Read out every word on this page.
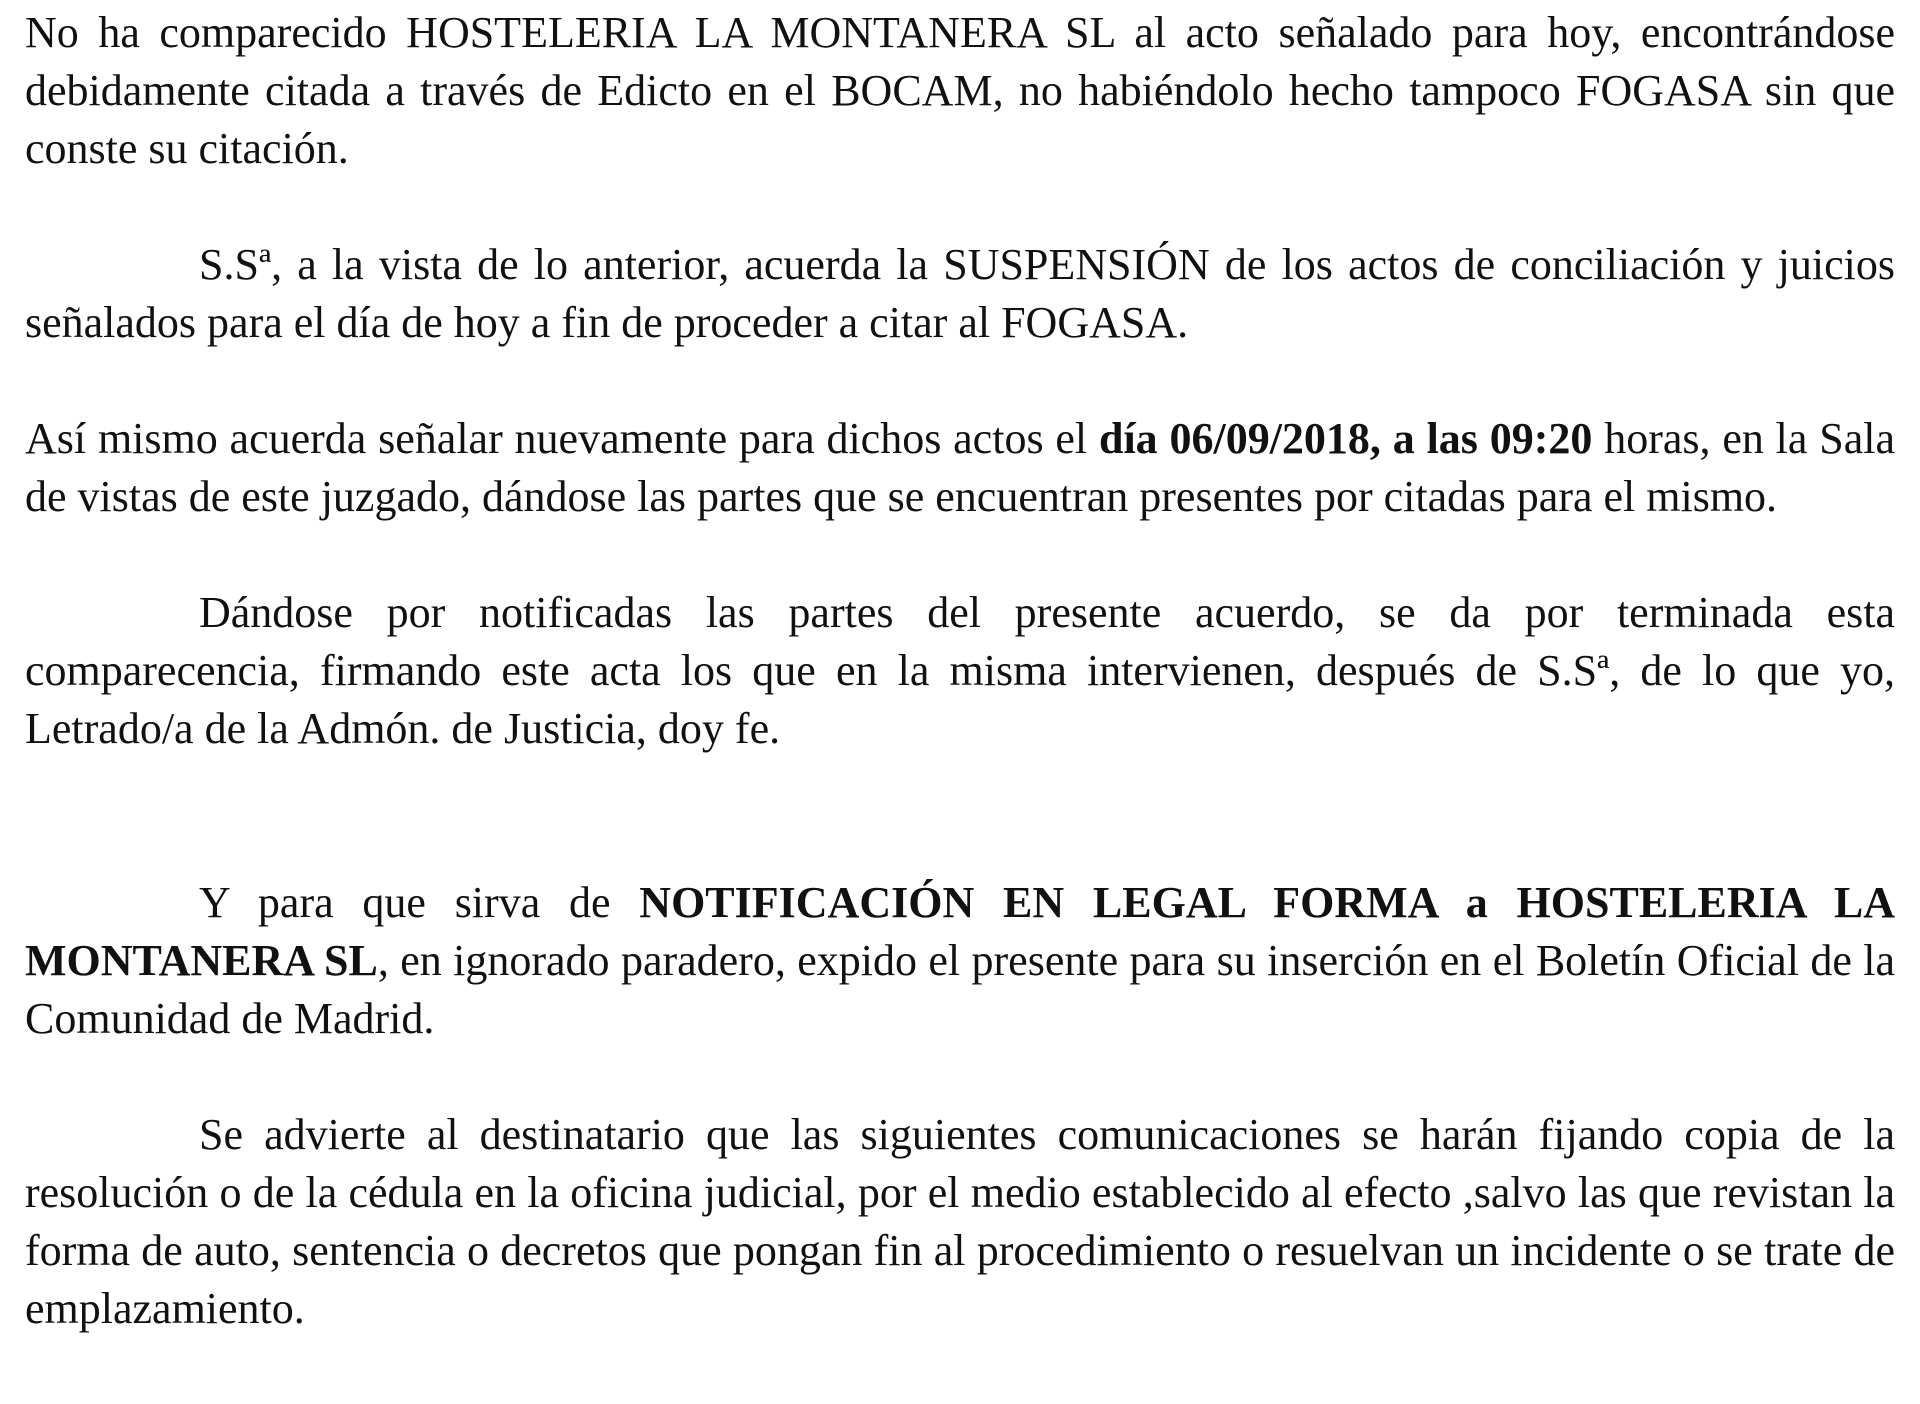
No ha comparecido HOSTELERIA LA MONTANERA SL al acto señalado para hoy, encontrándose debidamente citada a través de Edicto en el BOCAM, no habiéndolo hecho tampoco FOGASA sin que conste su citación.

S.Sª, a la vista de lo anterior, acuerda la SUSPENSIÓN de los actos de conciliación y juicios señalados para el día de hoy a fin de proceder a citar al FOGASA.

Así mismo acuerda señalar nuevamente para dichos actos el día 06/09/2018, a las 09:20 horas, en la Sala de vistas de este juzgado, dándose las partes que se encuentran presentes por citadas para el mismo.

Dándose por notificadas las partes del presente acuerdo, se da por terminada esta comparecencia, firmando este acta los que en la misma intervienen, después de S.Sª, de lo que yo, Letrado/a de la Admón. de Justicia, doy fe.

Y para que sirva de NOTIFICACIÓN EN LEGAL FORMA a HOSTELERIA LA MONTANERA SL, en ignorado paradero, expido el presente para su inserción en el Boletín Oficial de la Comunidad de Madrid.

Se advierte al destinatario que las siguientes comunicaciones se harán fijando copia de la resolución o de la cédula en la oficina judicial, por el medio establecido al efecto ,salvo las que revistan la forma de auto, sentencia o decretos que pongan fin al procedimiento o resuelvan un incidente o se trate de emplazamiento.
